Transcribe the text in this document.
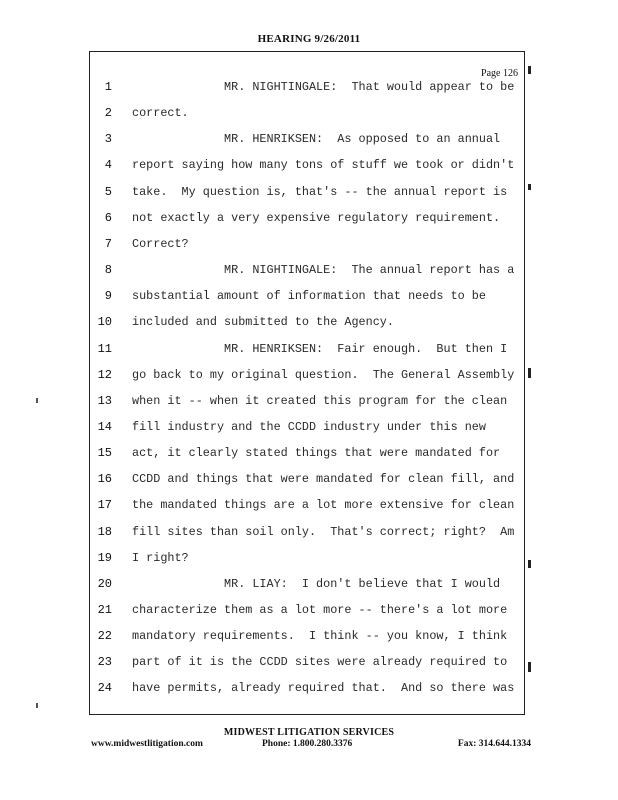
HEARING 9/26/2011
Page 126
1 MR. NIGHTINGALE:  That would appear to be
2 correct.
3 MR. HENRIKSEN:  As opposed to an annual
4 report saying how many tons of stuff we took or didn't
5 take.  My question is, that's -- the annual report is
6 not exactly a very expensive regulatory requirement.
7 Correct?
8 MR. NIGHTINGALE:  The annual report has a
9 substantial amount of information that needs to be
10 included and submitted to the Agency.
11 MR. HENRIKSEN:  Fair enough.  But then I
12 go back to my original question.  The General Assembly
13 when it -- when it created this program for the clean
14 fill industry and the CCDD industry under this new
15 act, it clearly stated things that were mandated for
16 CCDD and things that were mandated for clean fill, and
17 the mandated things are a lot more extensive for clean
18 fill sites than soil only.  That's correct; right?  Am
19 I right?
20 MR. LIAY:  I don't believe that I would
21 characterize them as a lot more -- there's a lot more
22 mandatory requirements.  I think -- you know, I think
23 part of it is the CCDD sites were already required to
24 have permits, already required that.  And so there was
MIDWEST LITIGATION SERVICES
www.midwestlitigation.com	Phone: 1.800.280.3376	Fax: 314.644.1334
